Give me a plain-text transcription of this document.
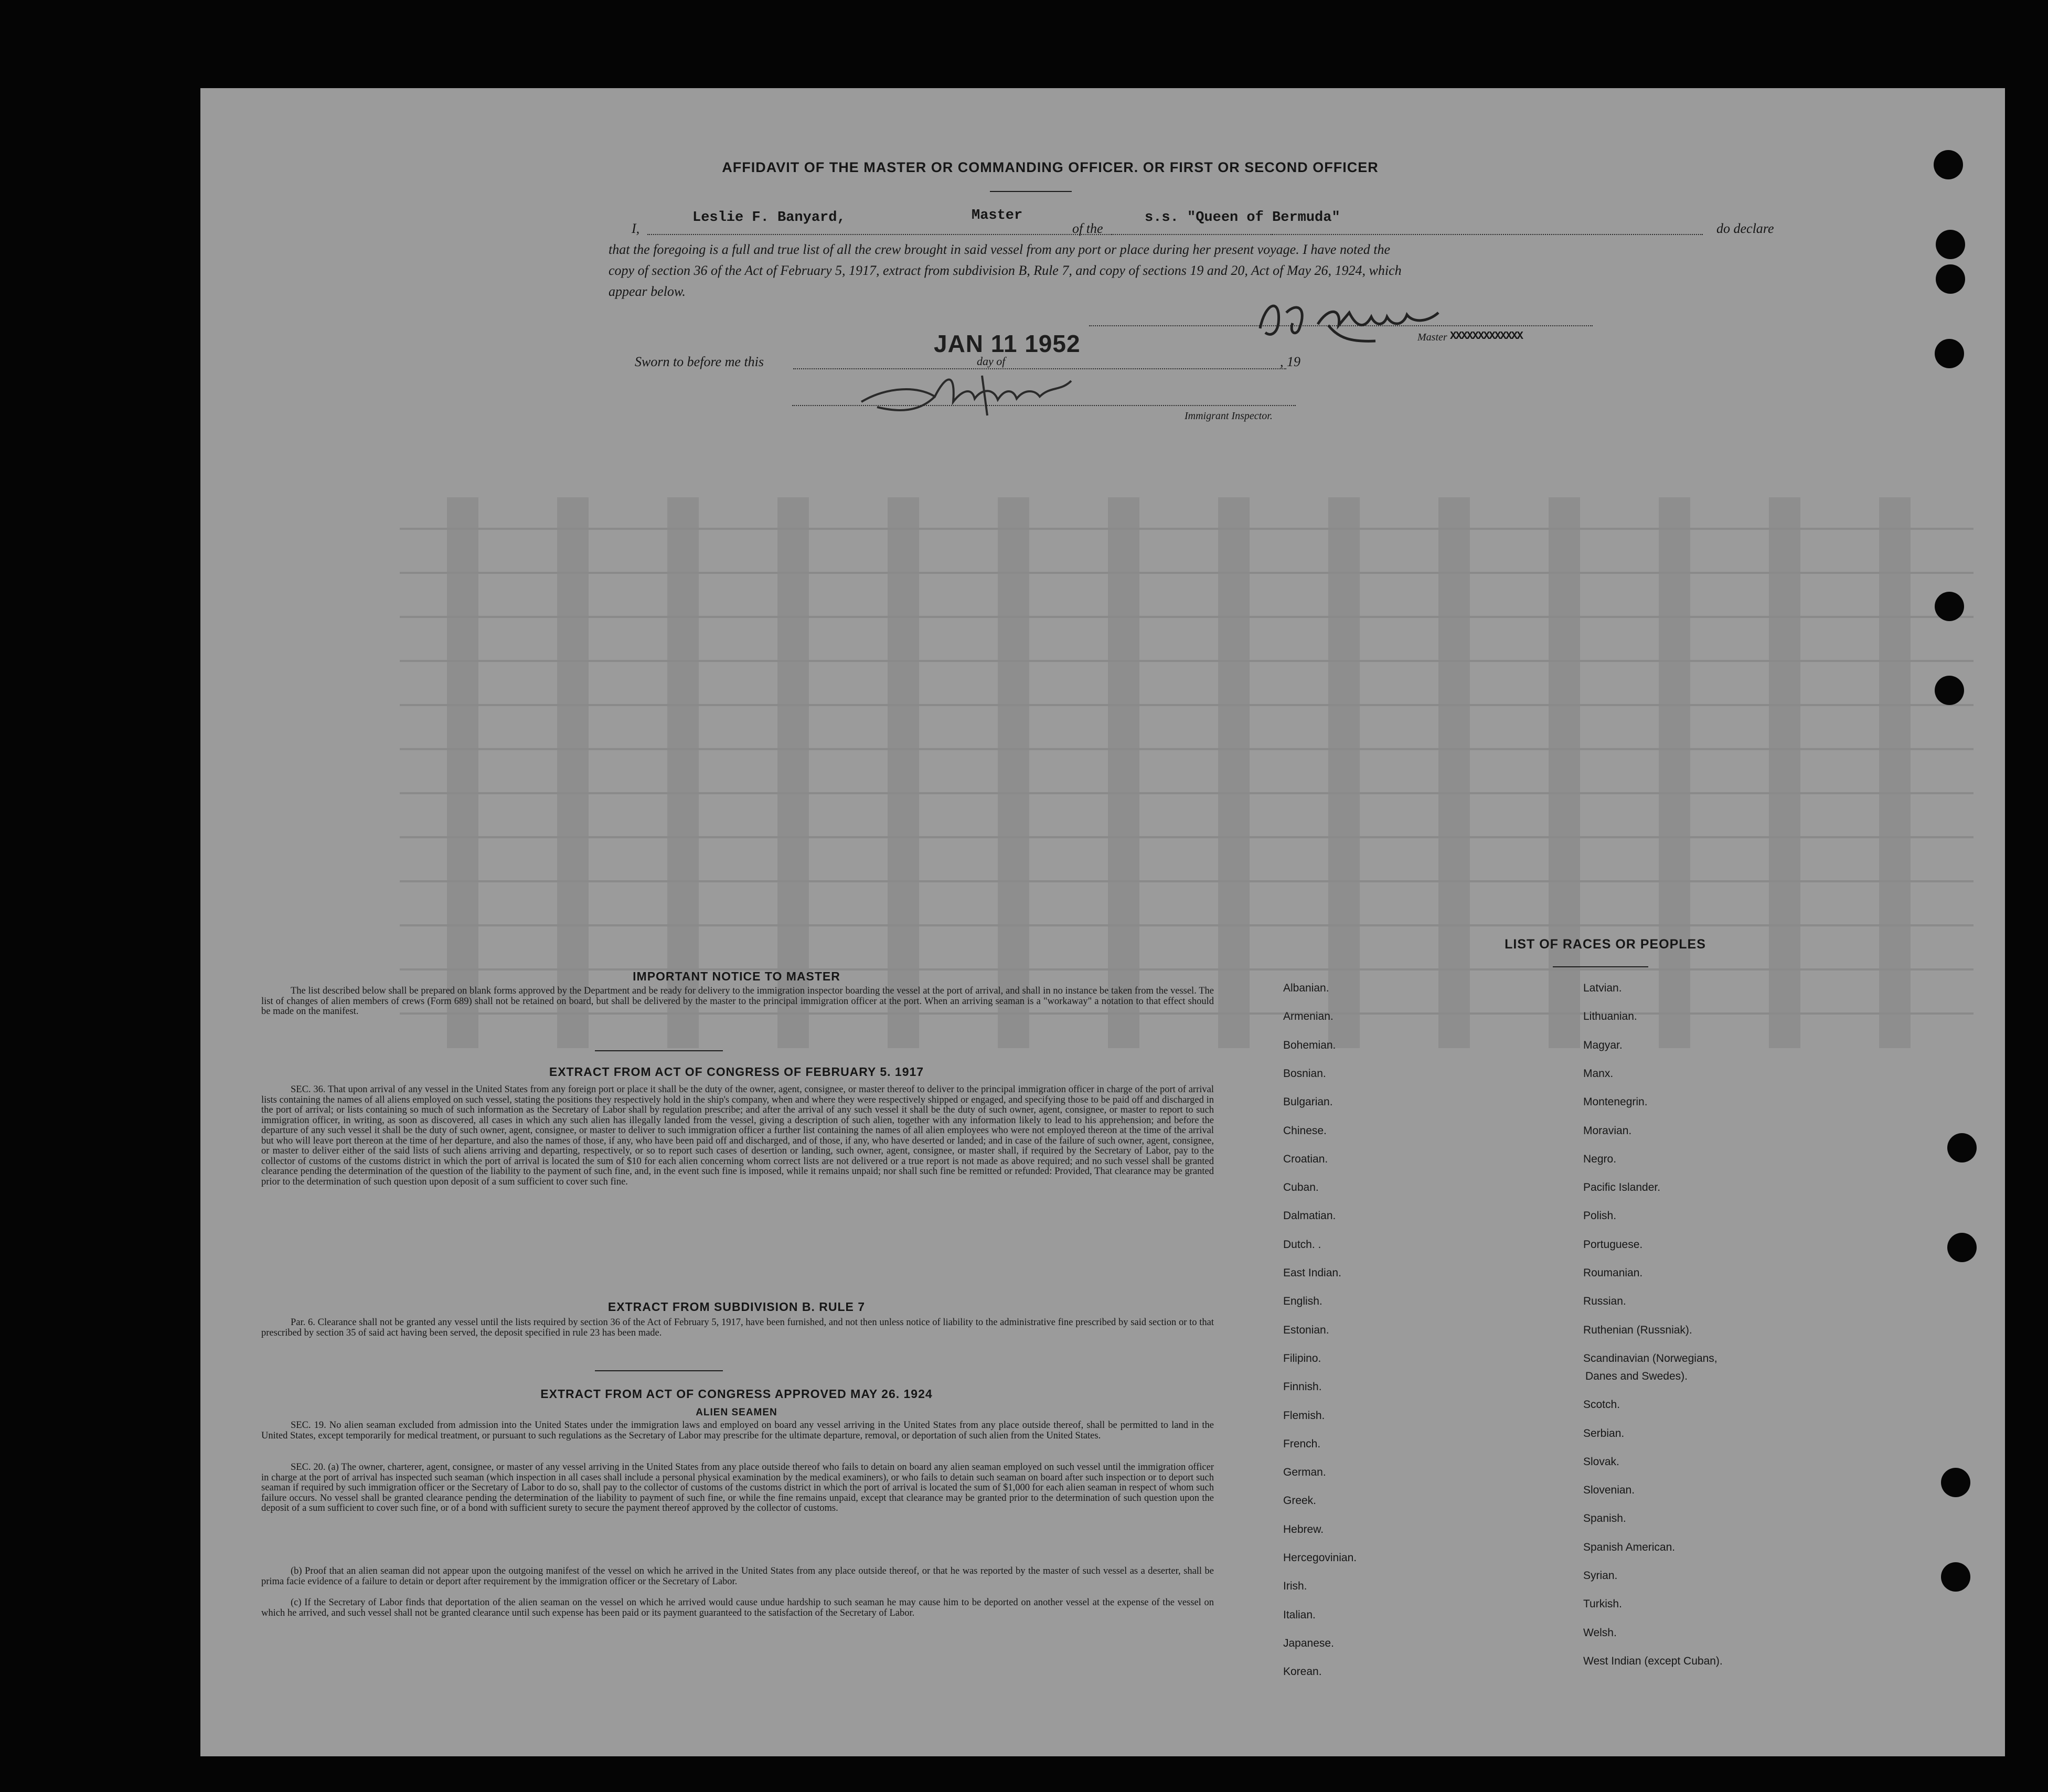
AFFIDAVIT OF THE MASTER OR COMMANDING OFFICER. OR FIRST OR SECOND OFFICER
I,
Leslie F. Banyard,	Master
of the
s.s. "Queen of Bermuda"
do declare
that the foregoing is a full and true list of all the crew brought in said vessel from any port or place during her present voyage. I have noted the
copy of section 36 of the Act of February 5, 1917, extract from subdivision B, Rule 7, and copy of sections 19 and 20, Act of May 26, 1924, which
appear below.
Master XXXXXXXXXXXXX
Sworn to before me this
JAN 11 1952
day of	, 19
Immigrant Inspector.
IMPORTANT NOTICE TO MASTER
The list described below shall be prepared on blank forms approved by the Department and be ready for delivery to the immigration inspector boarding the vessel at the port of arrival, and shall in no instance be taken from the vessel. The list of changes of alien members of crews (Form 689) shall not be retained on board, but shall be delivered by the master to the principal immigration officer at the port. When an arriving seaman is a "workaway" a notation to that effect should be made on the manifest.
EXTRACT FROM ACT OF CONGRESS OF FEBRUARY 5. 1917
SEC. 36. That upon arrival of any vessel in the United States from any foreign port or place it shall be the duty of the owner, agent, consignee, or master thereof to deliver to the principal immigration officer in charge of the port of arrival lists containing the names of all aliens employed on such vessel, stating the positions they respectively hold in the ship's company, when and where they were respectively shipped or engaged, and specifying those to be paid off and discharged in the port of arrival; or lists containing so much of such information as the Secretary of Labor shall by regulation prescribe; and after the arrival of any such vessel it shall be the duty of such owner, agent, consignee, or master to report to such immigration officer, in writing, as soon as discovered, all cases in which any such alien has illegally landed from the vessel, giving a description of such alien, together with any information likely to lead to his apprehension; and before the departure of any such vessel it shall be the duty of such owner, agent, consignee, or master to deliver to such immigration officer a further list containing the names of all alien employees who were not employed thereon at the time of the arrival but who will leave port thereon at the time of her departure, and also the names of those, if any, who have been paid off and discharged, and of those, if any, who have deserted or landed; and in case of the failure of such owner, agent, consignee, or master to deliver either of the said lists of such aliens arriving and departing, respectively, or so to report such cases of desertion or landing, such owner, agent, consignee, or master shall, if required by the Secretary of Labor, pay to the collector of customs of the customs district in which the port of arrival is located the sum of $10 for each alien concerning whom correct lists are not delivered or a true report is not made as above required; and no such vessel shall be granted clearance pending the determination of the question of the liability to the payment of such fine, and, in the event such fine is imposed, while it remains unpaid; nor shall such fine be remitted or refunded: Provided, That clearance may be granted prior to the determination of such question upon deposit of a sum sufficient to cover such fine.
EXTRACT FROM SUBDIVISION B. RULE 7
Par. 6. Clearance shall not be granted any vessel until the lists required by section 36 of the Act of February 5, 1917, have been furnished, and not then unless notice of liability to the administrative fine prescribed by said section or to that prescribed by section 35 of said act having been served, the deposit specified in rule 23 has been made.
EXTRACT FROM ACT OF CONGRESS APPROVED MAY 26. 1924
ALIEN SEAMEN
SEC. 19. No alien seaman excluded from admission into the United States under the immigration laws and employed on board any vessel arriving in the United States from any place outside thereof, shall be permitted to land in the United States, except temporarily for medical treatment, or pursuant to such regulations as the Secretary of Labor may prescribe for the ultimate departure, removal, or deportation of such alien from the United States.
SEC. 20. (a) The owner, charterer, agent, consignee, or master of any vessel arriving in the United States from any place outside thereof who fails to detain on board any alien seaman employed on such vessel until the immigration officer in charge at the port of arrival has inspected such seaman (which inspection in all cases shall include a personal physical examination by the medical examiners), or who fails to detain such seaman on board after such inspection or to deport such seaman if required by such immigration officer or the Secretary of Labor to do so, shall pay to the collector of customs of the customs district in which the port of arrival is located the sum of $1,000 for each alien seaman in respect of whom such failure occurs. No vessel shall be granted clearance pending the determination of the liability to payment of such fine, or while the fine remains unpaid, except that clearance may be granted prior to the determination of such question upon the deposit of a sum sufficient to cover such fine, or of a bond with sufficient surety to secure the payment thereof approved by the collector of customs.
(b) Proof that an alien seaman did not appear upon the outgoing manifest of the vessel on which he arrived in the United States from any place outside thereof, or that he was reported by the master of such vessel as a deserter, shall be prima facie evidence of a failure to detain or deport after requirement by the immigration officer or the Secretary of Labor.
(c) If the Secretary of Labor finds that deportation of the alien seaman on the vessel on which he arrived would cause undue hardship to such seaman he may cause him to be deported on another vessel at the expense of the vessel on which he arrived, and such vessel shall not be granted clearance until such expense has been paid or its payment guaranteed to the satisfaction of the Secretary of Labor.
LIST OF RACES OR PEOPLES
Danes and Swedes).
Albanian.
Armenian.
Bohemian.
Bosnian.
Bulgarian.
Chinese.
Croatian.
Cuban.
Dalmatian.
Dutch. .
East Indian.
English.
Estonian.
Filipino.
Finnish.
Flemish.
French.
German.
Greek.
Hebrew.
Hercegovinian.
Irish.
Italian.
Japanese.
Korean.
Latvian.
Lithuanian.
Magyar.
Manx.
Montenegrin.
Moravian.
Negro.
Pacific Islander.
Polish.
Portuguese.
Roumanian.
Russian.
Ruthenian (Russniak).
Scandinavian (Norwegians,
Scotch.
Serbian.
Slovak.
Slovenian.
Spanish.
Spanish American.
Syrian.
Turkish.
Welsh.
West Indian (except Cuban).
